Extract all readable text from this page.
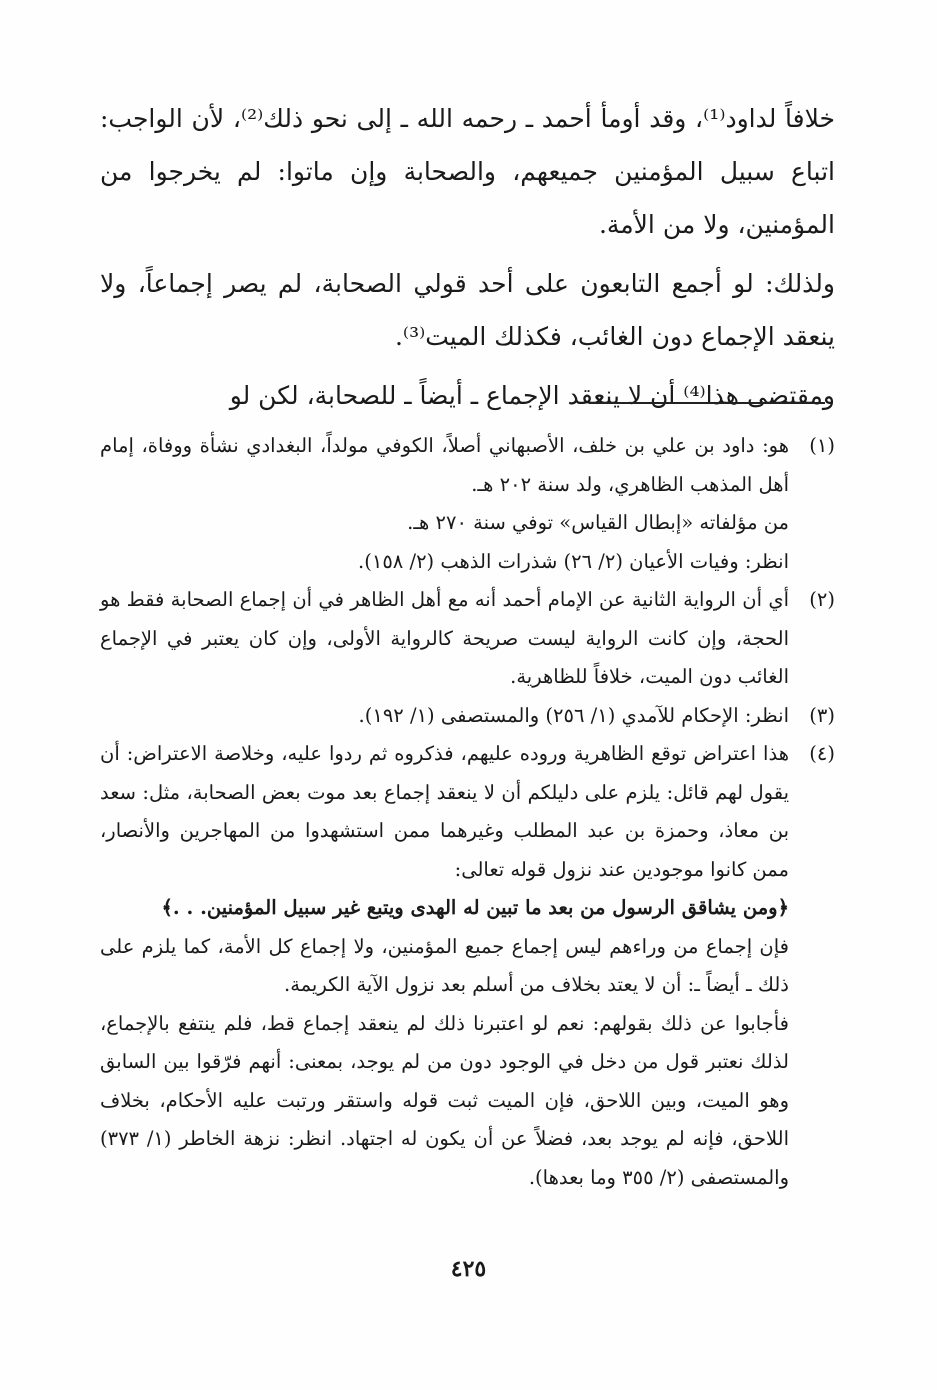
خلافاً لداود⁽¹⁾، وقد أومأ أحمد ـ رحمه الله ـ إلى نحو ذلك⁽²⁾، لأن الواجب: اتباع سبيل المؤمنين جميعهم، والصحابة وإن ماتوا: لم يخرجوا من المؤمنين، ولا من الأمة.

ولذلك: لو أجمع التابعون على أحد قولي الصحابة، لم يصر إجماعاً، ولا ينعقد الإجماع دون الغائب، فكذلك الميت⁽³⁾.

ومقتضى هذا⁽⁴⁾ أن لا ينعقد الإجماع ـ أيضاً ـ للصحابة، لكن لو

(١)

هو: داود بن علي بن خلف، الأصبهاني أصلاً، الكوفي مولداً، البغدادي نشأة ووفاة، إمام أهل المذهب الظاهري، ولد سنة ٢٠٢ هـ.

من مؤلفاته «إبطال القياس» توفي سنة ٢٧٠ هـ.

انظر: وفيات الأعيان (٢/ ٢٦) شذرات الذهب (٢/ ١٥٨).

(٢)

أي أن الرواية الثانية عن الإمام أحمد أنه مع أهل الظاهر في أن إجماع الصحابة فقط هو الحجة، وإن كانت الرواية ليست صريحة كالرواية الأولى، وإن كان يعتبر في الإجماع الغائب دون الميت، خلافاً للظاهرية.

(٣)

انظر: الإحكام للآمدي (١/ ٢٥٦) والمستصفى (١/ ١٩٢).

(٤)

هذا اعتراض توقع الظاهرية وروده عليهم، فذكروه ثم ردوا عليه، وخلاصة الاعتراض: أن يقول لهم قائل: يلزم على دليلكم أن لا ينعقد إجماع بعد موت بعض الصحابة، مثل: سعد بن معاذ، وحمزة بن عبد المطلب وغيرهما ممن استشهدوا من المهاجرين والأنصار، ممن كانوا موجودين عند نزول قوله تعالى:

﴿ومن يشاقق الرسول من بعد ما تبين له الهدى ويتبع غير سبيل المؤمنين. . .﴾

فإن إجماع من وراءهم ليس إجماع جميع المؤمنين، ولا إجماع كل الأمة، كما يلزم على ذلك ـ أيضاً ـ: أن لا يعتد بخلاف من أسلم بعد نزول الآية الكريمة.

فأجابوا عن ذلك بقولهم: نعم لو اعتبرنا ذلك لم ينعقد إجماع قط، فلم ينتفع بالإجماع، لذلك نعتبر قول من دخل في الوجود دون من لم يوجد، بمعنى: أنهم فرّقوا بين السابق وهو الميت، وبين اللاحق، فإن الميت ثبت قوله واستقر ورتبت عليه الأحكام، بخلاف اللاحق، فإنه لم يوجد بعد، فضلاً عن أن يكون له اجتهاد. انظر: نزهة الخاطر (١/ ٣٧٣) والمستصفى (٢/ ٣٥٥ وما بعدها).

٤٢٥
